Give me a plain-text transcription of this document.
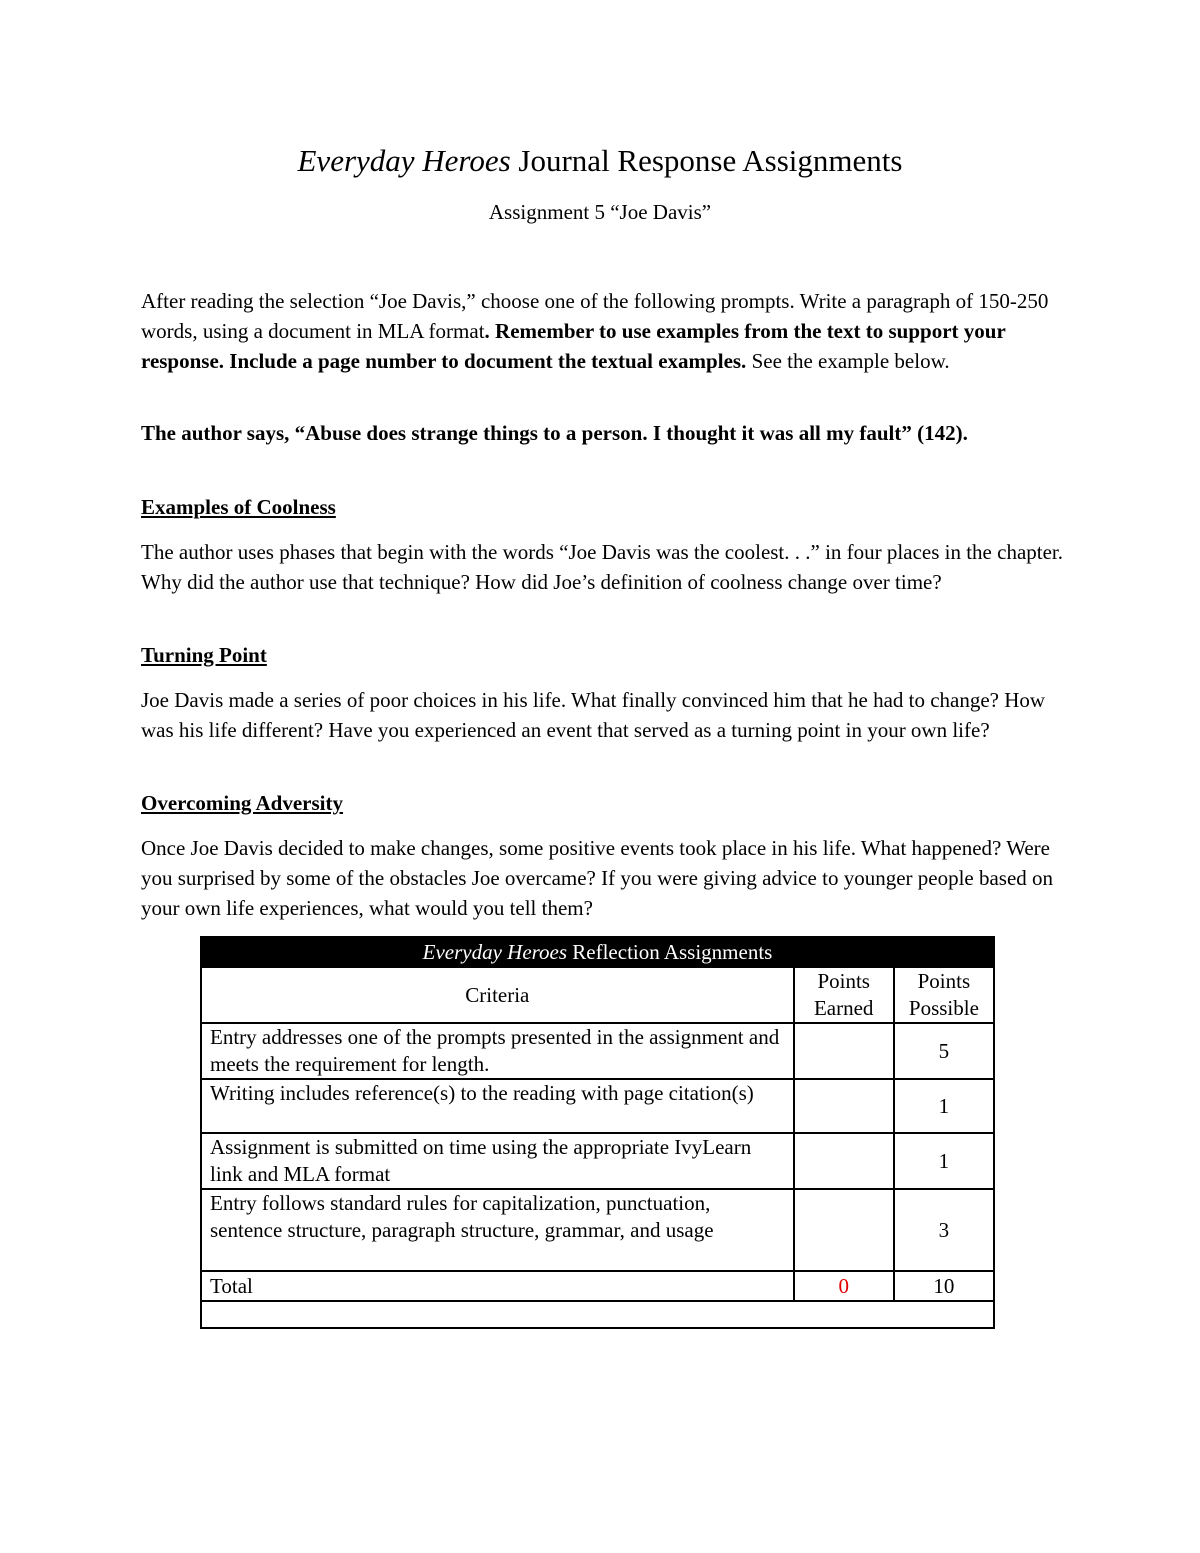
Everyday Heroes Journal Response Assignments
Assignment 5 “Joe Davis”

After reading the selection “Joe Davis,” choose one of the following prompts. Write a paragraph of 150-250 words, using a document in MLA format. Remember to use examples from the text to support your response. Include a page number to document the textual examples. See the example below.

The author says, “Abuse does strange things to a person. I thought it was all my fault” (142).
Examples of Coolness
The author uses phases that begin with the words “Joe Davis was the coolest. . .” in four places in the chapter. Why did the author use that technique? How did Joe’s definition of coolness change over time?
Turning Point
Joe Davis made a series of poor choices in his life. What finally convinced him that he had to change? How was his life different? Have you experienced an event that served as a turning point in your own life?
Overcoming Adversity
Once Joe Davis decided to make changes, some positive events took place in his life. What happened? Were you surprised by some of the obstacles Joe overcame? If you were giving advice to younger people based on your own life experiences, what would you tell them?
Everyday Heroes Reflection Assignments		
Criteria	Points Earned	Points Possible
Entry addresses one of the prompts presented in the assignment and meets the requirement for length.		5
Writing includes reference(s) to the reading with page citation(s)		1
Assignment is submitted on time using the appropriate IvyLearn link and MLA format		1
Entry follows standard rules for capitalization, punctuation, sentence structure, paragraph structure, grammar, and usage		3
Total	0	10
